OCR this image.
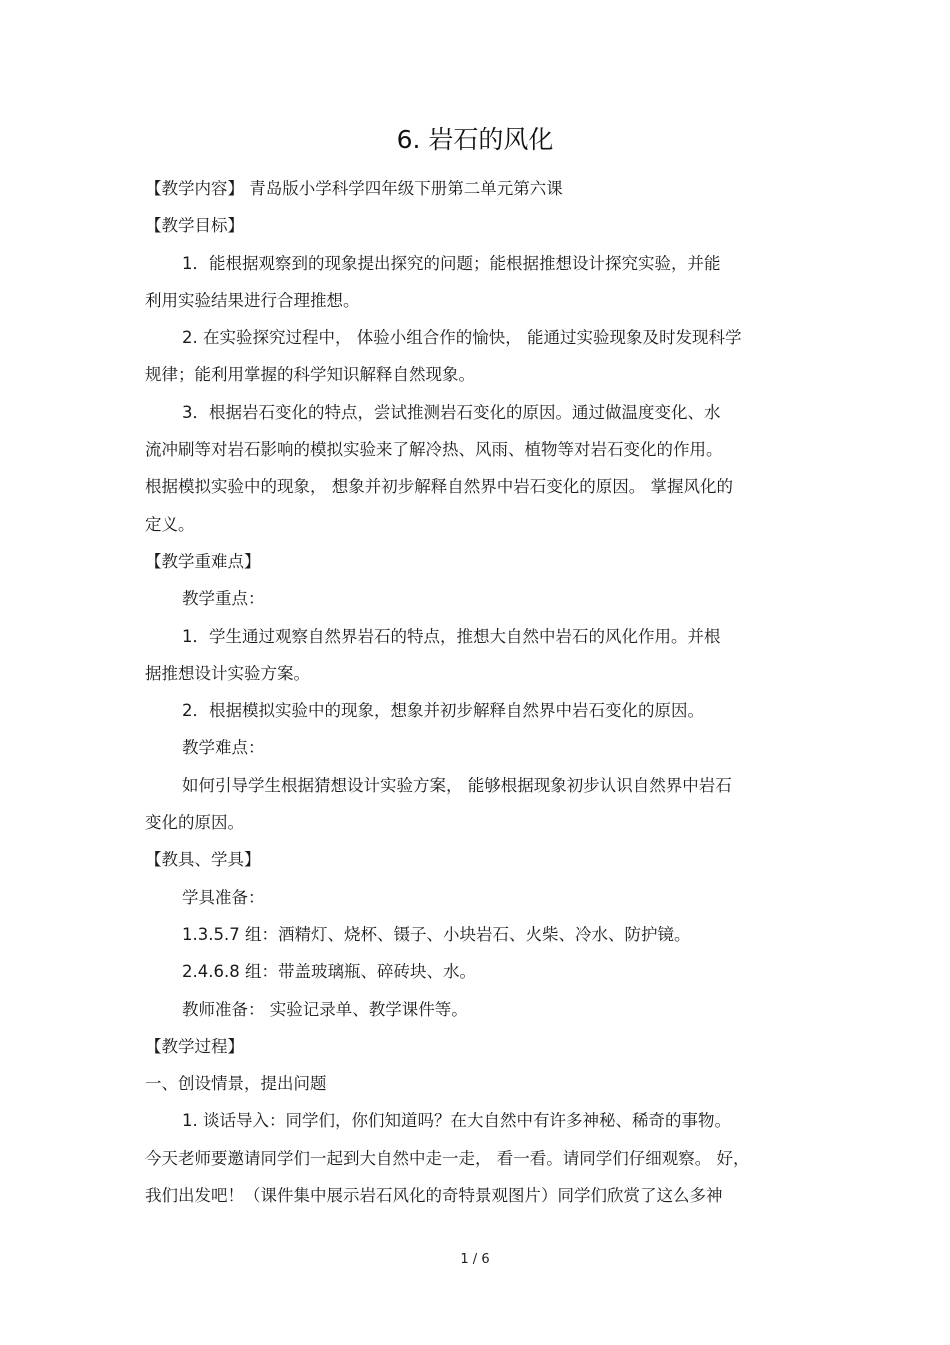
6. 岩石的风化
【教学内容】 青岛版小学科学四年级下册第二单元第六课
【教学目标】
1．能根据观察到的现象提出探究的问题；能根据推想设计探究实验，并能
利用实验结果进行合理推想。
2. 在实验探究过程中， 体验小组合作的愉快， 能通过实验现象及时发现科学
规律；能利用掌握的科学知识解释自然现象。
3．根据岩石变化的特点，尝试推测岩石变化的原因。通过做温度变化、水
流冲刷等对岩石影响的模拟实验来了解冷热、风雨、植物等对岩石变化的作用。
根据模拟实验中的现象， 想象并初步解释自然界中岩石变化的原因。 掌握风化的
定义。
【教学重难点】
教学重点：
1．学生通过观察自然界岩石的特点，推想大自然中岩石的风化作用。并根
据推想设计实验方案。
2．根据模拟实验中的现象，想象并初步解释自然界中岩石变化的原因。
教学难点：
如何引导学生根据猜想设计实验方案， 能够根据现象初步认识自然界中岩石
变化的原因。
【教具、学具】
学具准备：
1.3.5.7 组：酒精灯、烧杯、镊子、小块岩石、火柴、冷水、防护镜。
2.4.6.8 组：带盖玻璃瓶、碎砖块、水。
教师准备： 实验记录单、教学课件等。
【教学过程】
一、创设情景，提出问题
1. 谈话导入：同学们，你们知道吗？在大自然中有许多神秘、稀奇的事物。
今天老师要邀请同学们一起到大自然中走一走， 看一看。请同学们仔细观察。 好，
我们出发吧！（课件集中展示岩石风化的奇特景观图片）同学们欣赏了这么多神
1 / 6
